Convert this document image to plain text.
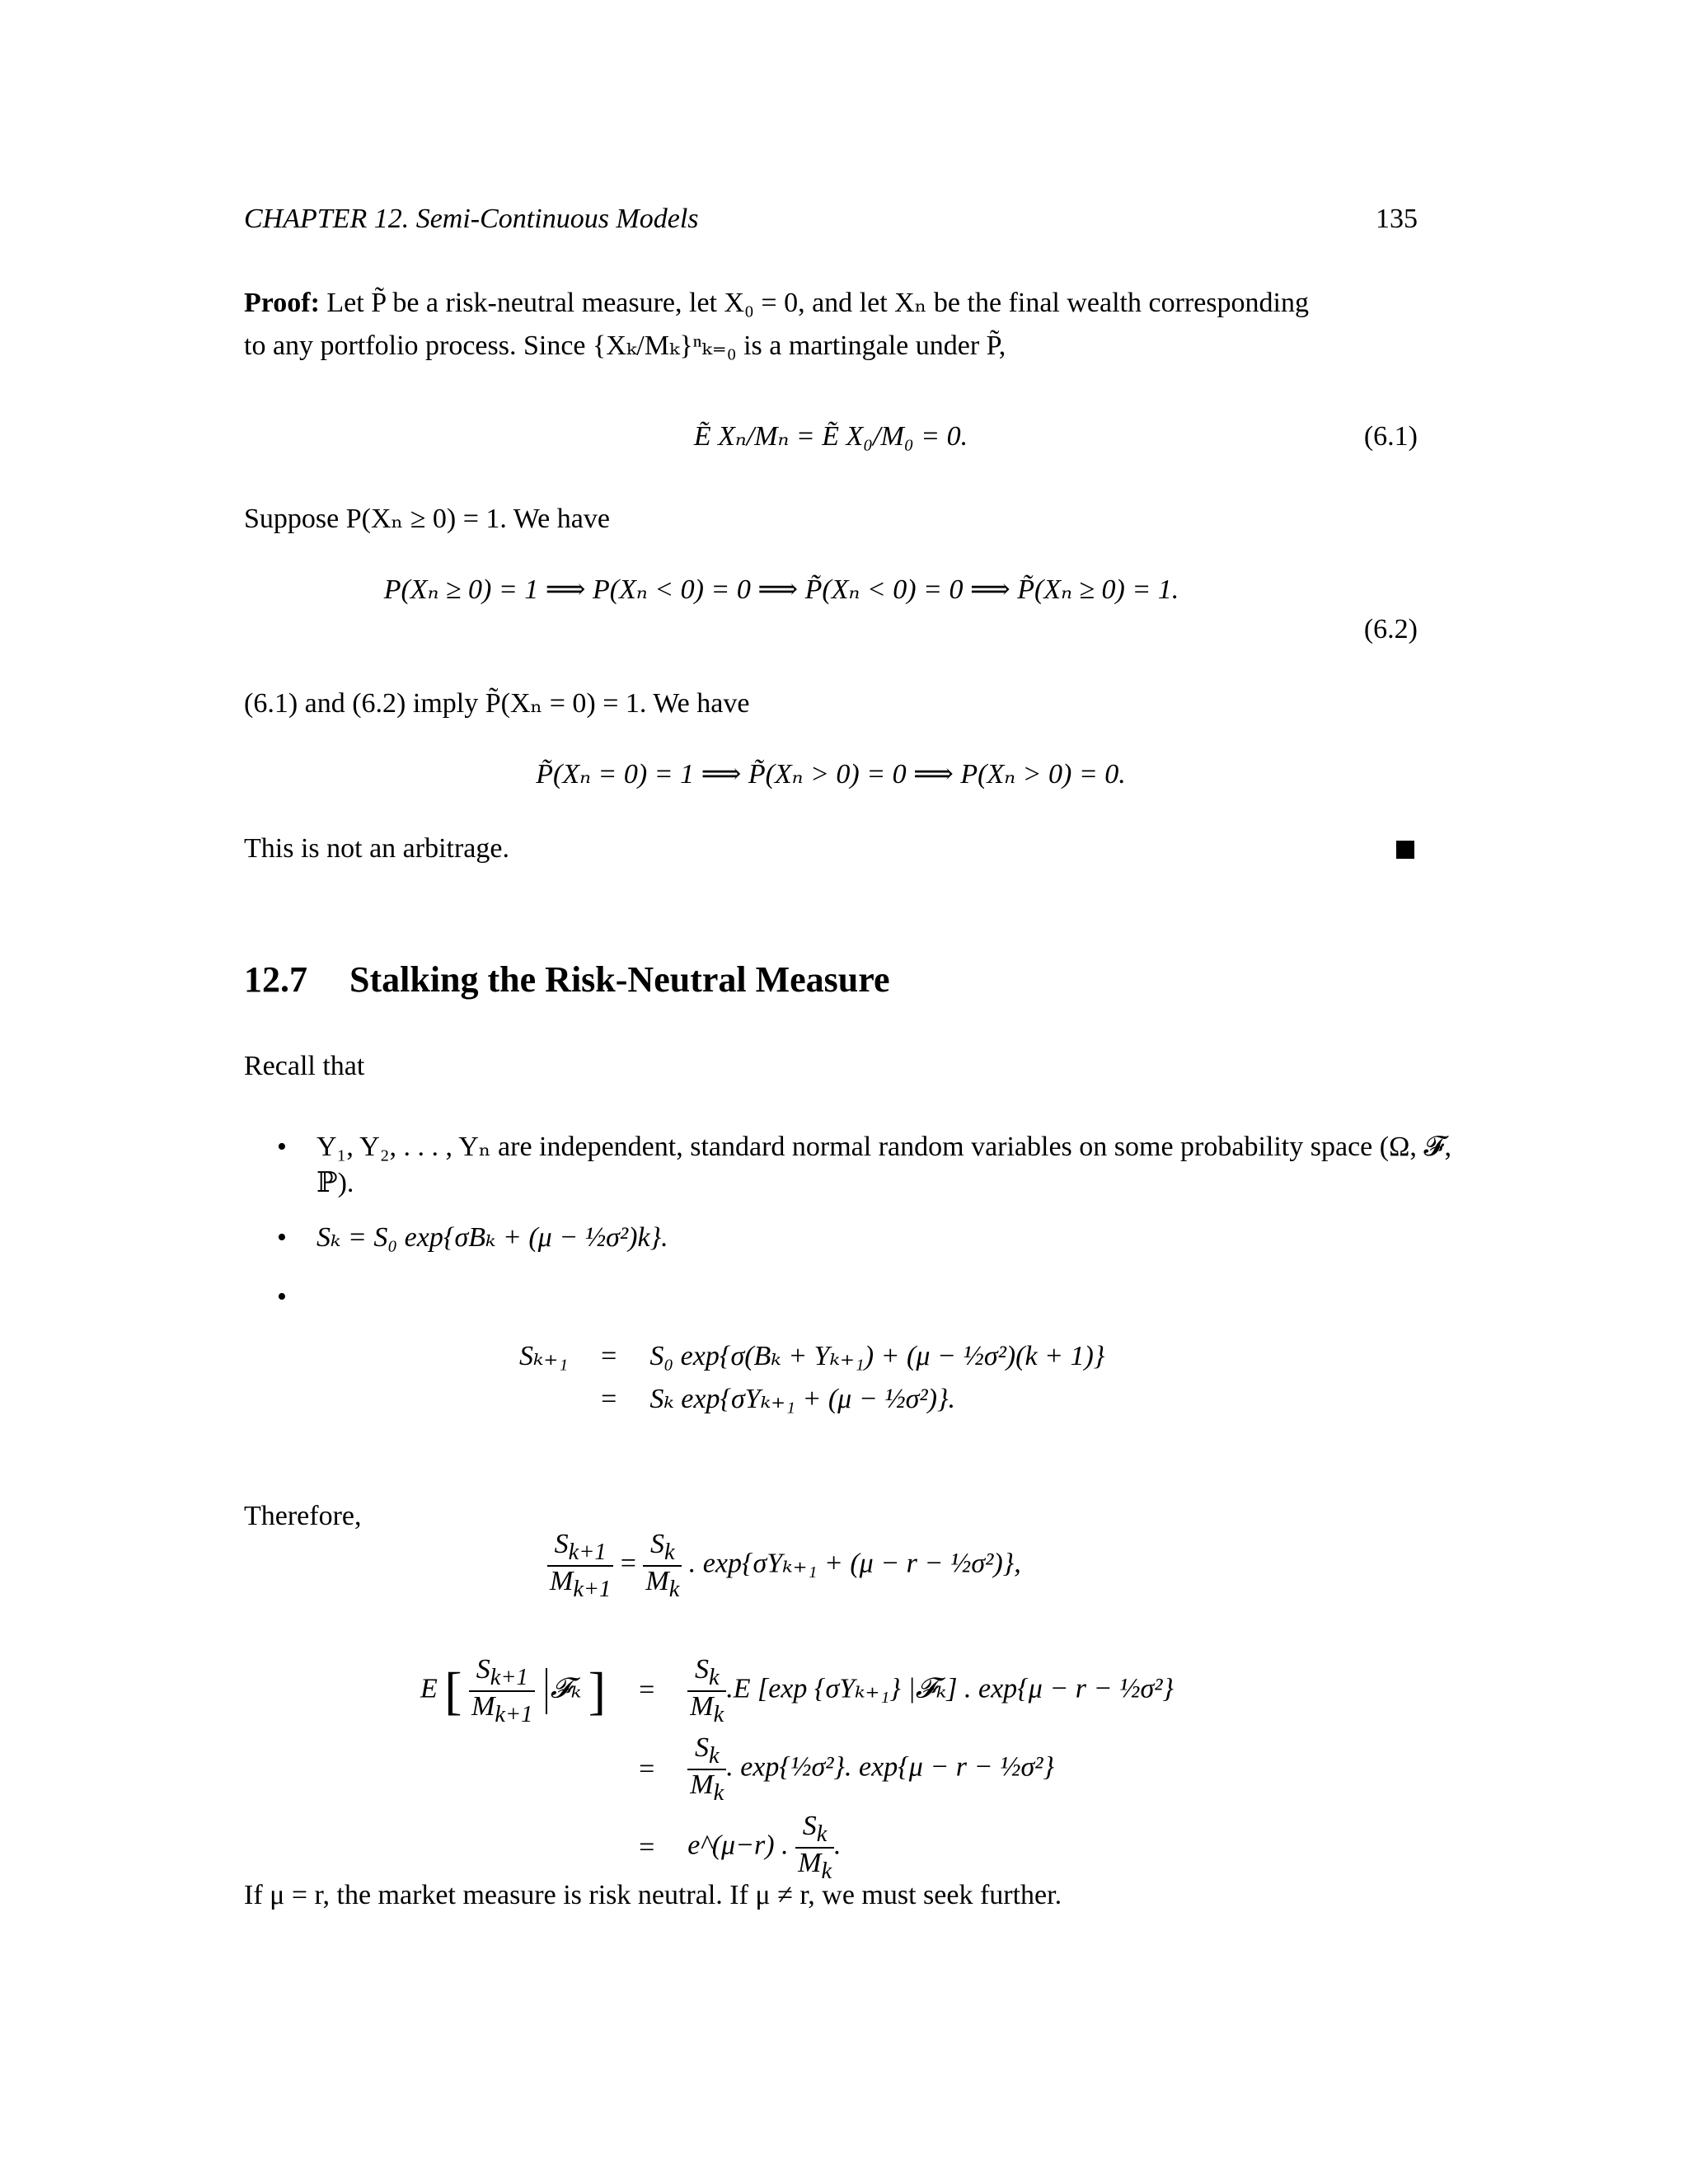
CHAPTER 12. Semi-Continuous Models	135
Proof: Let P̃ be a risk-neutral measure, let X₀ = 0, and let Xₙ be the final wealth corresponding
to any portfolio process. Since {Xₖ/Mₖ}ⁿₖ₌₀ is a martingale under P̃,
Ẽ Xₙ/Mₙ = Ẽ X₀/M₀ = 0.	(6.1)
Suppose P(Xₙ ≥ 0) = 1. We have
P(Xₙ ≥ 0) = 1 ⟹ P(Xₙ < 0) = 0 ⟹ P̃(Xₙ < 0) = 0 ⟹ P̃(Xₙ ≥ 0) = 1.
(6.2)
(6.1) and (6.2) imply P̃(Xₙ = 0) = 1. We have
P̃(Xₙ = 0) = 1 ⟹ P̃(Xₙ > 0) = 0 ⟹ P(Xₙ > 0) = 0.
This is not an arbitrage.
12.7 Stalking the Risk-Neutral Measure
Recall that
• Y₁, Y₂, . . . , Yₙ are independent, standard normal random variables on some probability space (Ω, 𝓕, ℙ).
• Sₖ = S₀ exp{σBₖ + (μ − ½σ²)k}.
•
Sₖ₊₁	=	S₀ exp{σ(Bₖ + Yₖ₊₁) + (μ − ½σ²)(k + 1)}
	=	Sₖ exp{σYₖ₊₁ + (μ − ½σ²)}.
Therefore,
$\frac{S_{k+1}}{M_{k+1}} = \frac{S_k}{M_k}$ . exp{σYₖ₊₁ + (μ − r − ½σ²)},
E [ $\frac{S_{k+1}}{M_{k+1}}$ 𝓕ₖ ]	=	$\frac{S_k}{M_k} .E$ [exp {σYₖ₊₁} |𝓕ₖ] . exp{μ − r − ½σ²}
	=	$\frac{S_k}{M_k}$ . exp{½σ²}. exp{μ − r − ½σ²}
	=	e^(μ−r) . $\frac{S_k}{M_k}$ .
If μ = r, the market measure is risk neutral. If μ ≠ r, we must seek further.
